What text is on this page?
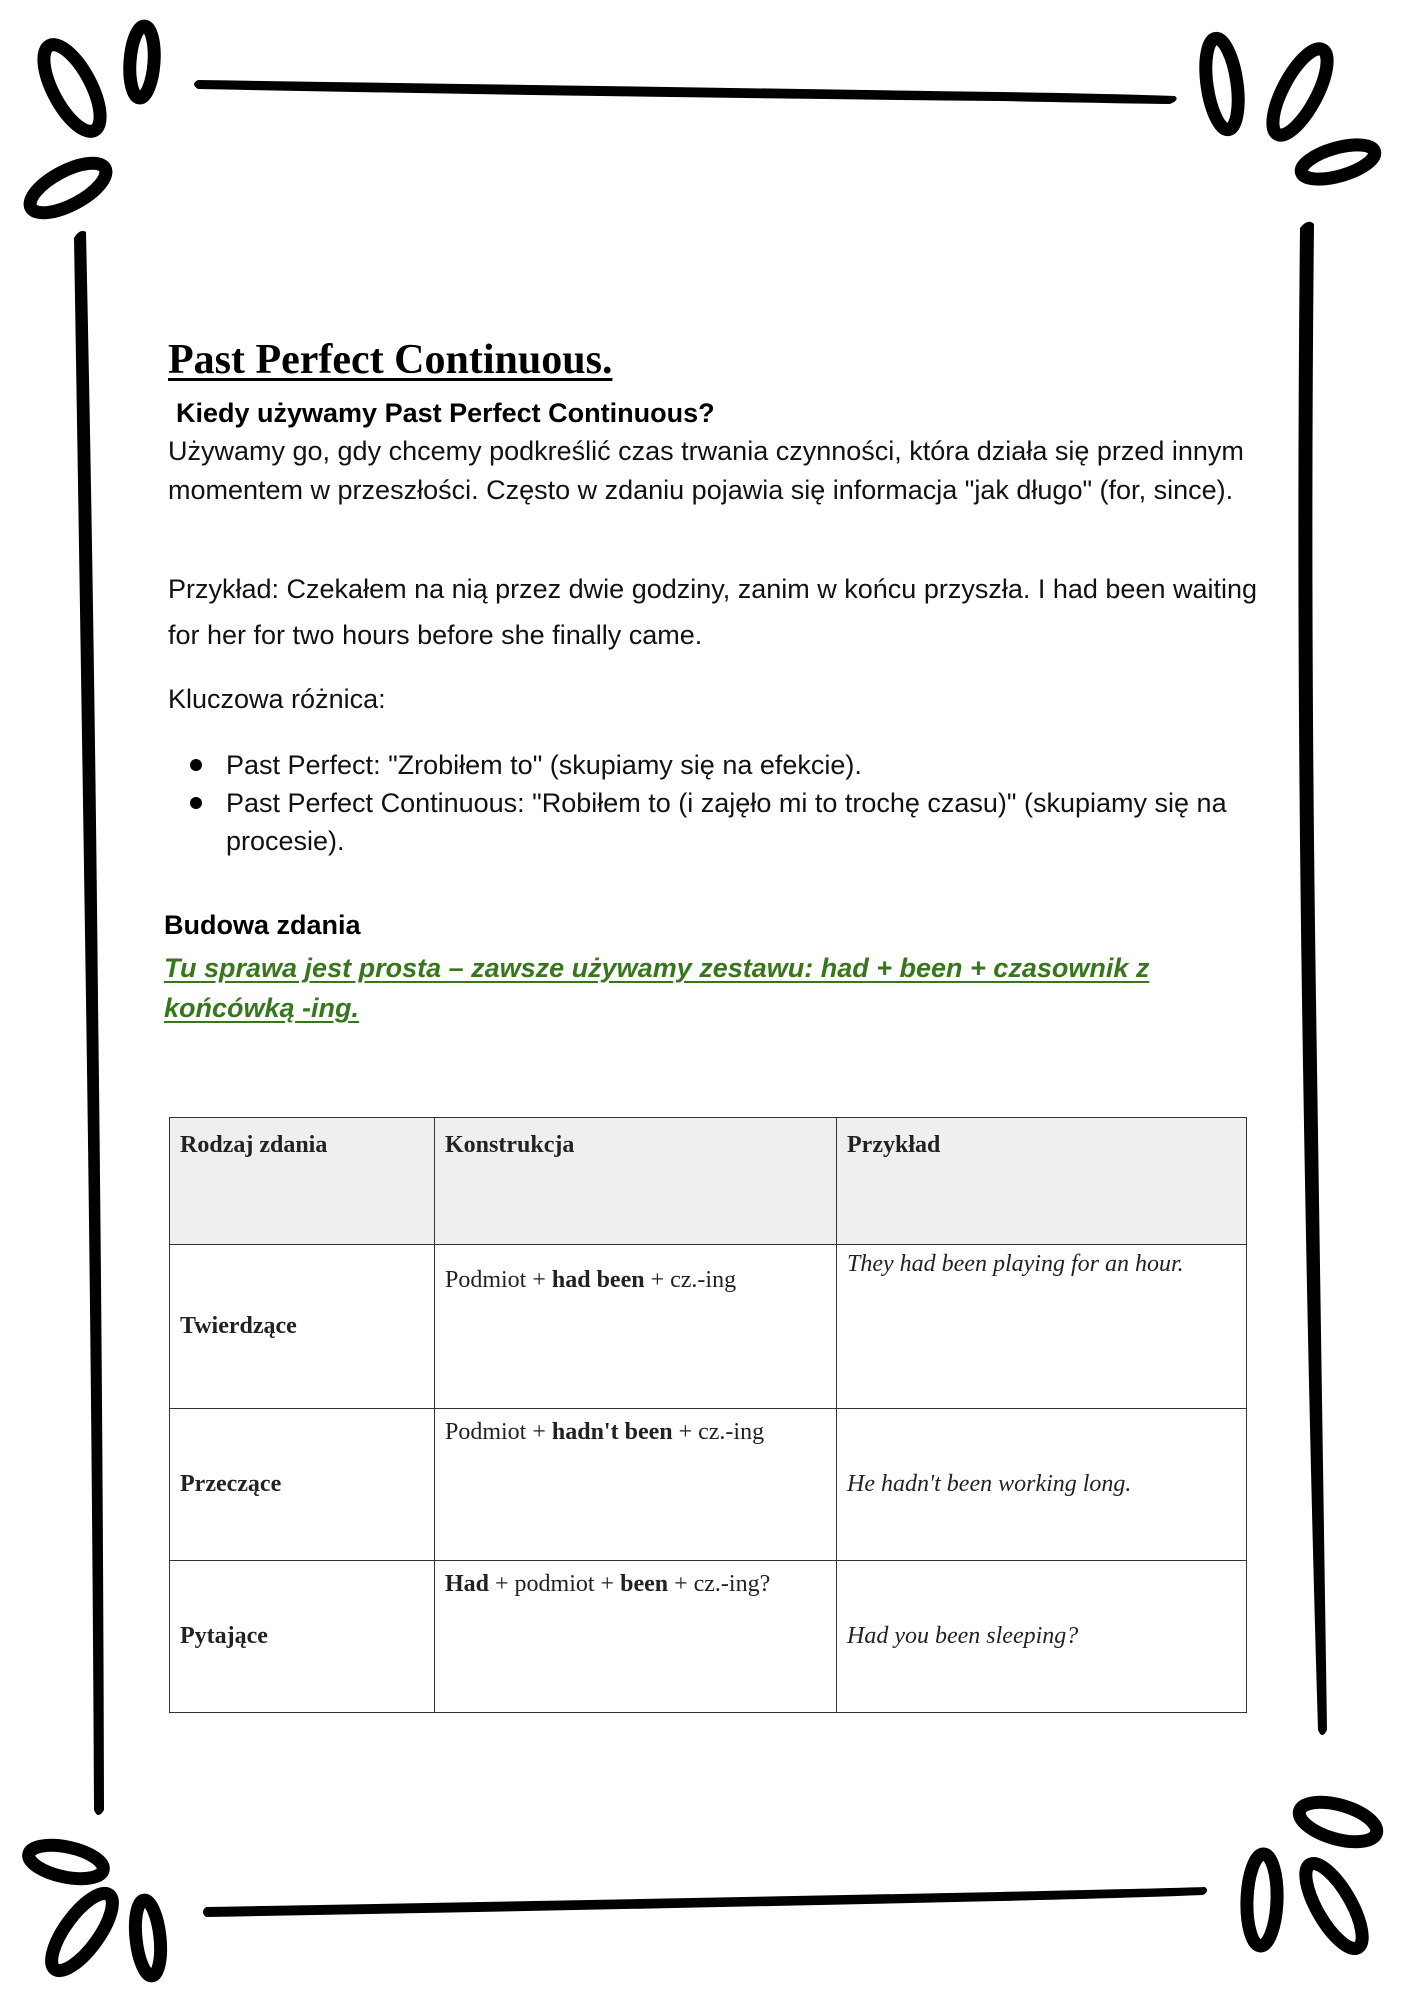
Past Perfect Continuous.
Kiedy używamy Past Perfect Continuous?

Używamy go, gdy chcemy podkreślić czas trwania czynności, która działa się przed innym momentem w przeszłości. Często w zdaniu pojawia się informacja "jak długo" (for, since).

Przykład: Czekałem na nią przez dwie godziny, zanim w końcu przyszła. I had been waiting for her for two hours before she finally came.

Kluczowa różnica:

Past Perfect: "Zrobiłem to" (skupiamy się na efekcie).
Past Perfect Continuous: "Robiłem to (i zajęło mi to trochę czasu)" (skupiamy się na procesie).
Budowa zdania

Tu sprawa jest prosta – zawsze używamy zestawu: had + been + czasownik z końcówką -ing.

Rodzaj zdania	Konstrukcja	Przykład
Twierdzące	Podmiot + had been + cz.-ing	They had been playing for an hour.
Przeczące	Podmiot + hadn't been + cz.-ing	He hadn't been working long.
Pytające	Had + podmiot + been + cz.-ing?	Had you been sleeping?
